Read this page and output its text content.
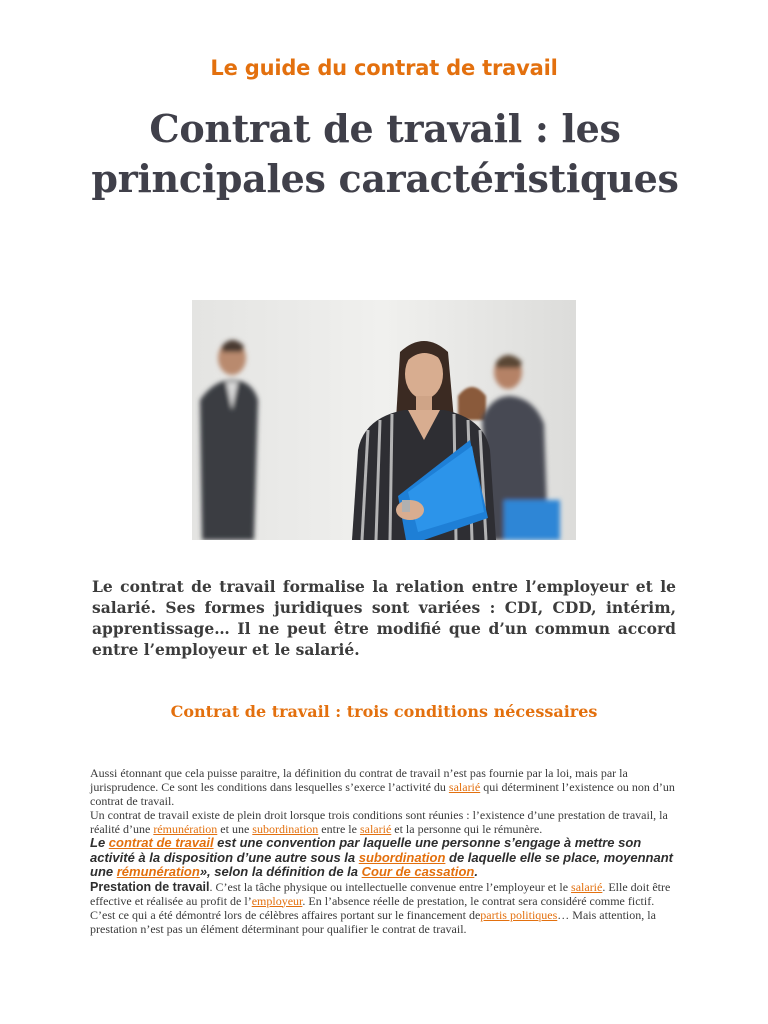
Le guide du contrat de travail
Contrat de travail : les principales caractéristiques
Le contrat de travail formalise la relation entre l’employeur et le salarié. Ses formes juridiques sont variées : CDI, CDD, intérim, apprentissage… Il ne peut être modifié que d’un commun accord entre l’employeur et le salarié.
Contrat de travail : trois conditions nécessaires

Aussi étonnant que cela puisse paraitre, la définition du contrat de travail n’est pas fournie par la loi, mais par la jurisprudence. Ce sont les conditions dans lesquelles s’exerce l’activité du salarié qui déterminent l’existence ou non d’un contrat de travail.

Un contrat de travail existe de plein droit lorsque trois conditions sont réunies : l’existence d’une prestation de travail, la réalité d’une rémunération et une subordination entre le salarié et la personne qui le rémunère.

Le contrat de travail est une convention par laquelle une personne s’engage à mettre son activité à la disposition d’une autre sous la subordination de laquelle elle se place, moyennant une rémunération», selon la définition de la Cour de cassation.

Prestation de travail. C’est la tâche physique ou intellectuelle convenue entre l’employeur et le salarié. Elle doit être effective et réalisée au profit de l’employeur. En l’absence réelle de prestation, le contrat sera considéré comme fictif. C’est ce qui a été démontré lors de célèbres affaires portant sur le financement departis politiques… Mais attention, la prestation n’est pas un élément déterminant pour qualifier le contrat de travail.
